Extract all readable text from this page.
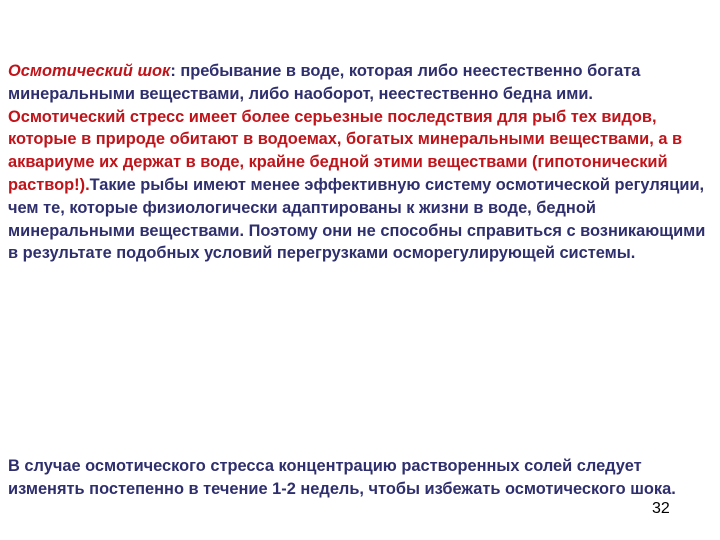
Осмотический шок: пребывание в воде, которая либо неестественно богата минеральными веществами, либо наоборот, неестественно бедна ими. Осмотический стресс имеет более серьезные последствия для рыб тех видов, которые в природе обитают в водоемах, богатых минеральными веществами, а в аквариуме их держат в воде, крайне бедной этими веществами (гипотонический раствор!).Такие рыбы имеют менее эффективную систему осмотической регуляции, чем те, которые физиологически адаптированы к жизни в воде, бедной минеральными веществами. Поэтому они не способны справиться с возникающими в результате подобных условий перегрузками осморегулирующей системы.

В случае осмотического стресса концентрацию растворенных солей следует изменять постепенно в течение 1-2 недель, чтобы избежать осмотического шока.

32
